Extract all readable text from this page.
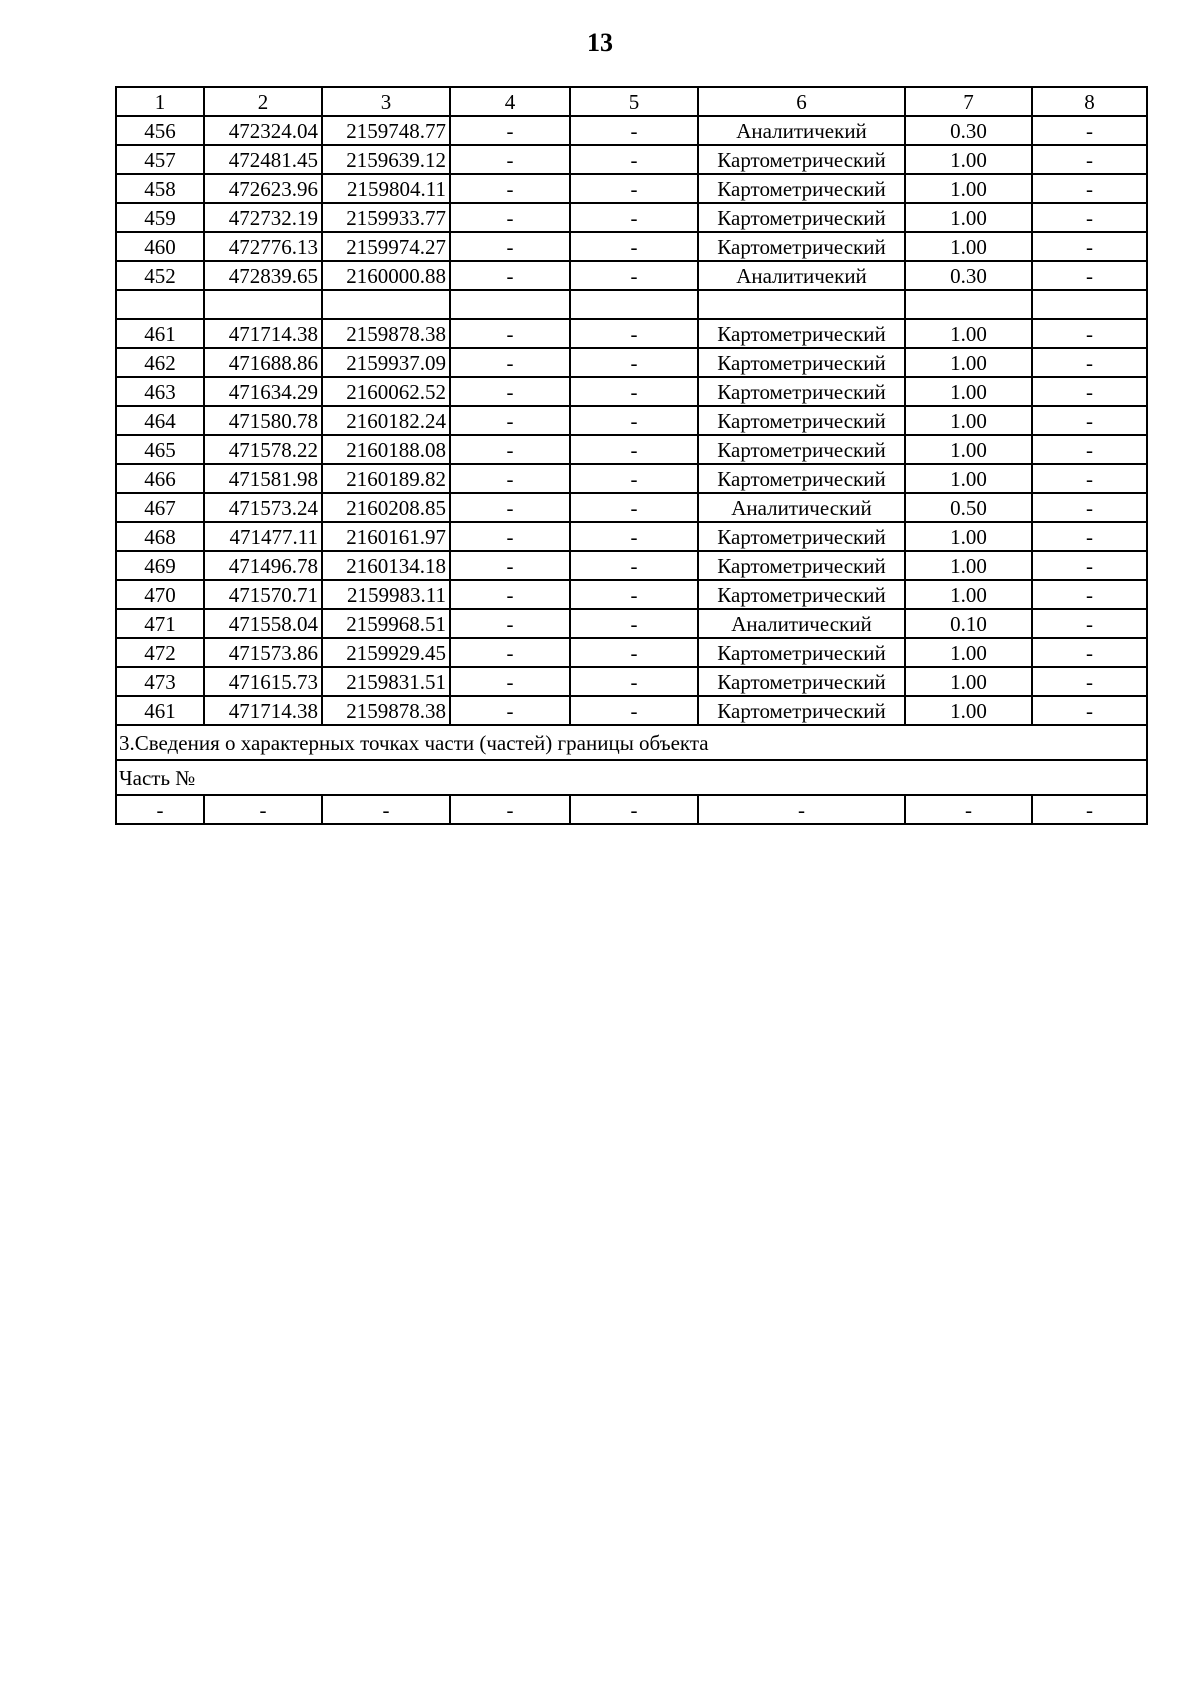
13
1	2	3	4	5	6	7	8
456	472324.04	2159748.77	-	-	Аналитичекий	0.30	-
457	472481.45	2159639.12	-	-	Картометрический	1.00	-
458	472623.96	2159804.11	-	-	Картометрический	1.00	-
459	472732.19	2159933.77	-	-	Картометрический	1.00	-
460	472776.13	2159974.27	-	-	Картометрический	1.00	-
452	472839.65	2160000.88	-	-	Аналитичекий	0.30	-

461	471714.38	2159878.38	-	-	Картометрический	1.00	-
462	471688.86	2159937.09	-	-	Картометрический	1.00	-
463	471634.29	2160062.52	-	-	Картометрический	1.00	-
464	471580.78	2160182.24	-	-	Картометрический	1.00	-
465	471578.22	2160188.08	-	-	Картометрический	1.00	-
466	471581.98	2160189.82	-	-	Картометрический	1.00	-
467	471573.24	2160208.85	-	-	Аналитический	0.50	-
468	471477.11	2160161.97	-	-	Картометрический	1.00	-
469	471496.78	2160134.18	-	-	Картометрический	1.00	-
470	471570.71	2159983.11	-	-	Картометрический	1.00	-
471	471558.04	2159968.51	-	-	Аналитический	0.10	-
472	471573.86	2159929.45	-	-	Картометрический	1.00	-
473	471615.73	2159831.51	-	-	Картометрический	1.00	-
461	471714.38	2159878.38	-	-	Картометрический	1.00	-
3.Сведения о характерных точках части (частей) границы объекта							
Часть №							
-	-	-	-	-	-	-	-
